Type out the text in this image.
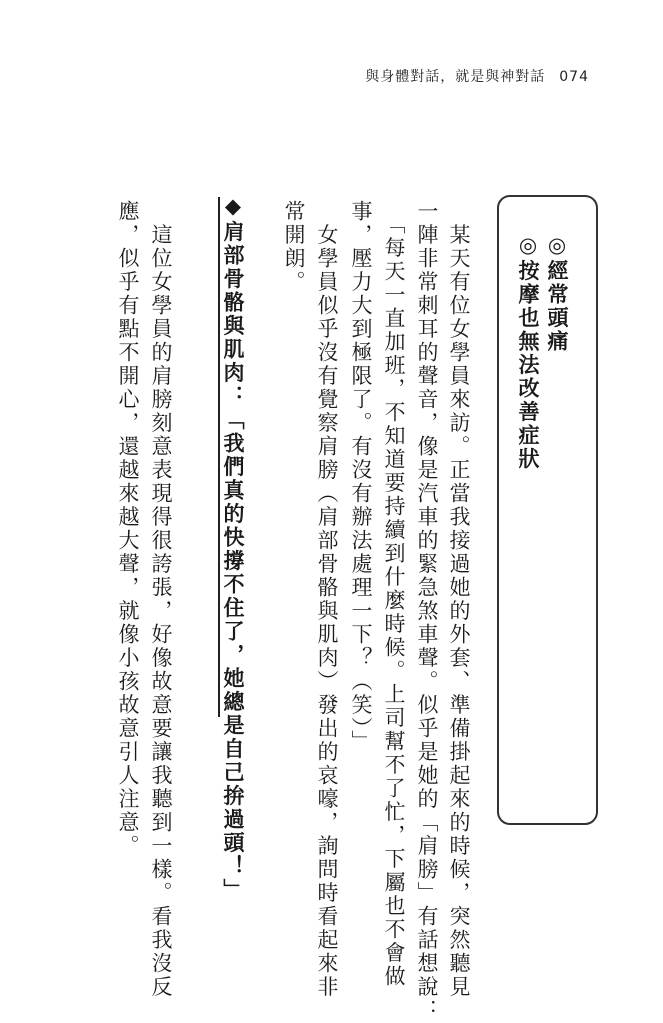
與身體對話，就是與神對話 074
◎經常頭痛
◎按摩也無法改善症狀
　某天有位女學員來訪。正當我接過她的外套、準備掛起來的時候，突然聽見
一陣非常刺耳的聲音，像是汽車的緊急煞車聲。似乎是她的「肩膀」有話想說：
　「每天一直加班，不知道要持續到什麼時候。上司幫不了忙，下屬也不會做
事，壓力大到極限了。有沒有辦法處理一下？（笑）」
　女學員似乎沒有覺察肩膀（肩部骨骼與肌肉）發出的哀嚎，詢問時看起來非
常開朗。
◆肩部骨骼與肌肉：「我們真的快撐不住了，她總是自己拚過頭！」
　這位女學員的肩膀刻意表現得很誇張，好像故意要讓我聽到一樣。看我沒反
應，似乎有點不開心，還越來越大聲，就像小孩故意引人注意。
